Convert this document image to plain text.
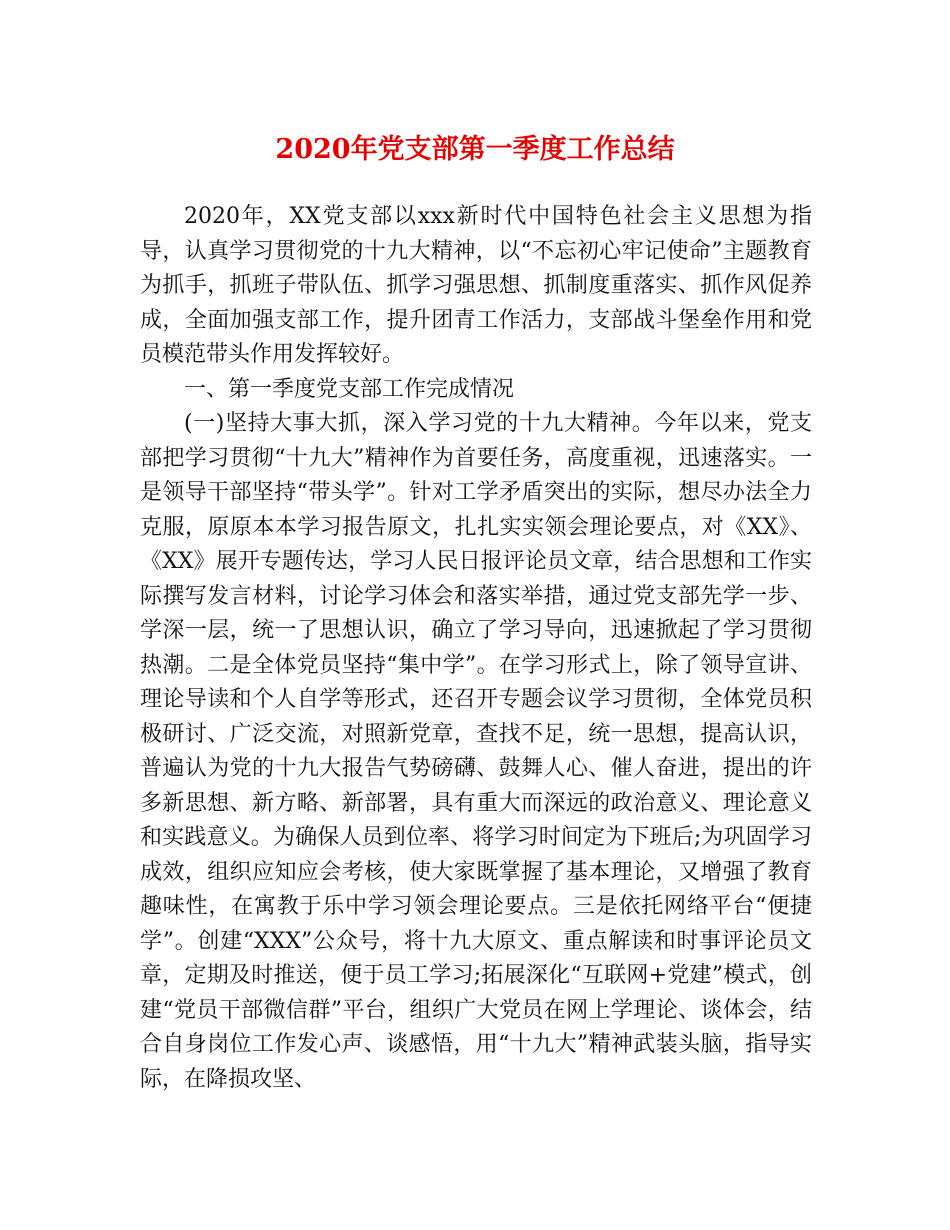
2020年党支部第一季度工作总结

2020年，XX党支部以xxx新时代中国特色社会主义思想为指导，认真学习贯彻党的十九大精神，以“不忘初心牢记使命”主题教育为抓手，抓班子带队伍、抓学习强思想、抓制度重落实、抓作风促养成，全面加强支部工作，提升团青工作活力，支部战斗堡垒作用和党员模范带头作用发挥较好。

一、第一季度党支部工作完成情况

(一)坚持大事大抓，深入学习党的十九大精神。今年以来，党支部把学习贯彻“十九大”精神作为首要任务，高度重视，迅速落实。一是领导干部坚持“带头学”。针对工学矛盾突出的实际，想尽办法全力克服，原原本本学习报告原文，扎扎实实领会理论要点，对《XX》、《XX》展开专题传达，学习人民日报评论员文章，结合思想和工作实际撰写发言材料，讨论学习体会和落实举措，通过党支部先学一步、学深一层，统一了思想认识，确立了学习导向，迅速掀起了学习贯彻热潮。二是全体党员坚持“集中学”。在学习形式上，除了领导宣讲、理论导读和个人自学等形式，还召开专题会议学习贯彻，全体党员积极研讨、广泛交流，对照新党章，查找不足，统一思想，提高认识，普遍认为党的十九大报告气势磅礴、鼓舞人心、催人奋进，提出的许多新思想、新方略、新部署，具有重大而深远的政治意义、理论意义和实践意义。为确保人员到位率、将学习时间定为下班后;为巩固学习成效，组织应知应会考核，使大家既掌握了基本理论，又增强了教育趣味性，在寓教于乐中学习领会理论要点。三是依托网络平台“便捷学”。创建“XXX”公众号，将十九大原文、重点解读和时事评论员文章，定期及时推送，便于员工学习;拓展深化“互联网+党建”模式，创建“党员干部微信群”平台，组织广大党员在网上学理论、谈体会，结合自身岗位工作发心声、谈感悟，用“十九大”精神武装头脑，指导实际，在降损攻坚、
